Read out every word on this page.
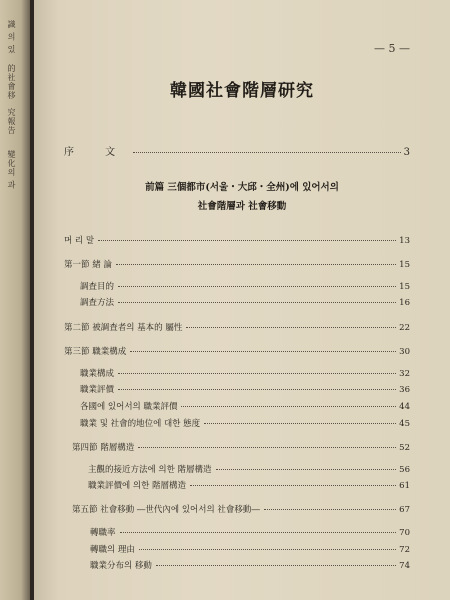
識 의 있
的社會移
究報告
變化의 과
— 5 —
韓國社會階層研究
序 文	3
前篇 三個都市(서울・大邱・全州)에 있어서의
社會階層과 社會移動
머 리 말	13
第一節 緒 論	15
調査目的	15
調査方法	16
第二節 被調査者의 基本的 屬性	22
第三節 職業構成	30
職業構成	32
職業評價	36
各國에 있어서의 職業評價	44
職業 및 社會的地位에 대한 態度	45
第四節 階層構造	52
主觀的接近方法에 의한 階層構造	56
職業評價에 의한 階層構造	61
第五節 社會移動 ―世代內에 있어서의 社會移動―	67
轉職率	70
轉職의 理由	72
職業分布의 移動	74
